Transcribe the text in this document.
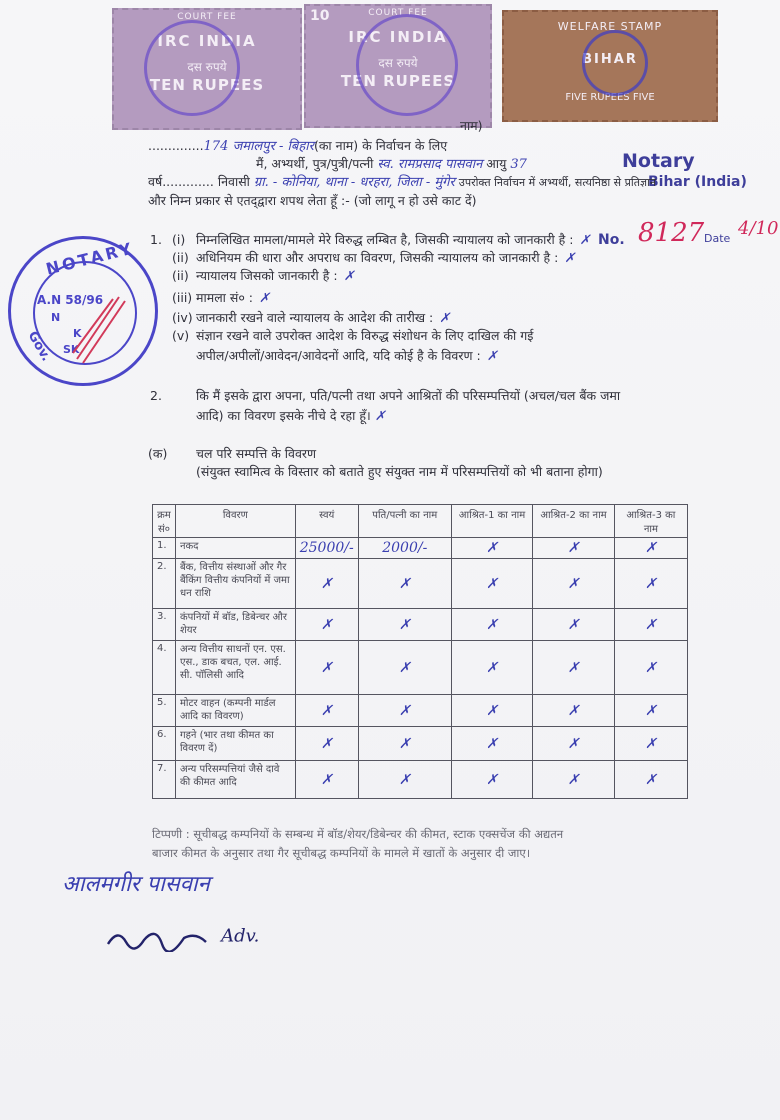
COURT FEE
IRC INDIA
दस रुपये
TEN RUPEES
10	COURT FEE
IRC INDIA
दस रुपये
TEN RUPEES
WELFARE STAMP
BIHAR
FIVE RUPEES FIVE
Notary
Bihar (India)
No. 8127 Date 4/10
NOTARY
A.N 58/96
N
K
SK
Gov.
नाम)
..............174 जमालपुर - बिहार(का नाम) के निर्वाचन के लिए
मैं, अभ्यर्थी, पुत्र/पुत्री/पत्नी स्व. रामप्रसाद पासवान आयु 37
वर्ष............. निवासी ग्रा. - कोनिया, थाना - धरहरा, जिला - मुंगेर उपरोक्त निर्वाचन में अभ्यर्थी, सत्यनिष्ठा से प्रतिज्ञान
और निम्न प्रकार से एतद्‌द्वारा शपथ लेता हूँ :- (जो लागू न हो उसे काट दें)
1. (i) निम्नलिखित मामला/मामले मेरे विरुद्ध लम्बित है, जिसकी न्यायालय को जानकारी है : ✗
(ii) अधिनियम की धारा और अपराध का विवरण, जिसकी न्यायालय को जानकारी है : ✗
(ii) न्यायालय जिसको जानकारी है : ✗
(iii) मामला सं० : ✗
(iv) जानकारी रखने वाले न्यायालय के आदेश की तारीख : ✗
(v) संज्ञान रखने वाले उपरोक्त आदेश के विरुद्ध संशोधन के लिए दाखिल की गई
अपील/अपीलों/आवेदन/आवेदनों आदि, यदि कोई है के विवरण : ✗
2.	कि मैं इसके द्वारा अपना, पति/पत्नी तथा अपने आश्रितों की परिसम्पत्तियों (अचल/चल बैंक जमा
आदि) का विवरण इसके नीचे दे रहा हूँ। ✗
(क) चल परि सम्पत्ति के विवरण
(संयुक्त स्वामित्व के विस्तार को बताते हुए संयुक्त नाम में परिसम्पत्तियों को भी बताना होगा)
क्रम सं०	विवरण	स्वयं	पति/पत्नी का नाम	आश्रित-1 का नाम	आश्रित-2 का नाम	आश्रित-3 का नाम
1.	नकद	25000/-	2000/-	✗	✗	✗
2.	बैंक, वित्तीय संस्थाओं और गैर बैंकिंग वित्तीय कंपनियों में जमा धन राशि	✗	✗	✗	✗	✗
3.	कंपनियों में बॉड, डिबेन्चर और शेयर	✗	✗	✗	✗	✗
4.	अन्य वित्तीय साधनों एन. एस. एस., डाक बचत, एल. आई. सी. पॉलिसी आदि	✗	✗	✗	✗	✗
5.	मोटर वाहन (कम्पनी मार्डल आदि का विवरण)	✗	✗	✗	✗	✗
6.	गहने (भार तथा कीमत का विवरण दें)	✗	✗	✗	✗	✗
7.	अन्य परिसम्पत्तियां जैसे दावे की कीमत आदि	✗	✗	✗	✗	✗
टिप्पणी : सूचीबद्ध कम्पनियों के सम्बन्ध में बॉड/शेयर/डिबेन्चर की कीमत, स्टाक एक्सचेंज की अद्यतन
बाजार कीमत के अनुसार तथा गैर सूचीबद्ध कम्पनियों के मामले में खातों के अनुसार दी जाए।
आलमगीर पासवान
Adv.
